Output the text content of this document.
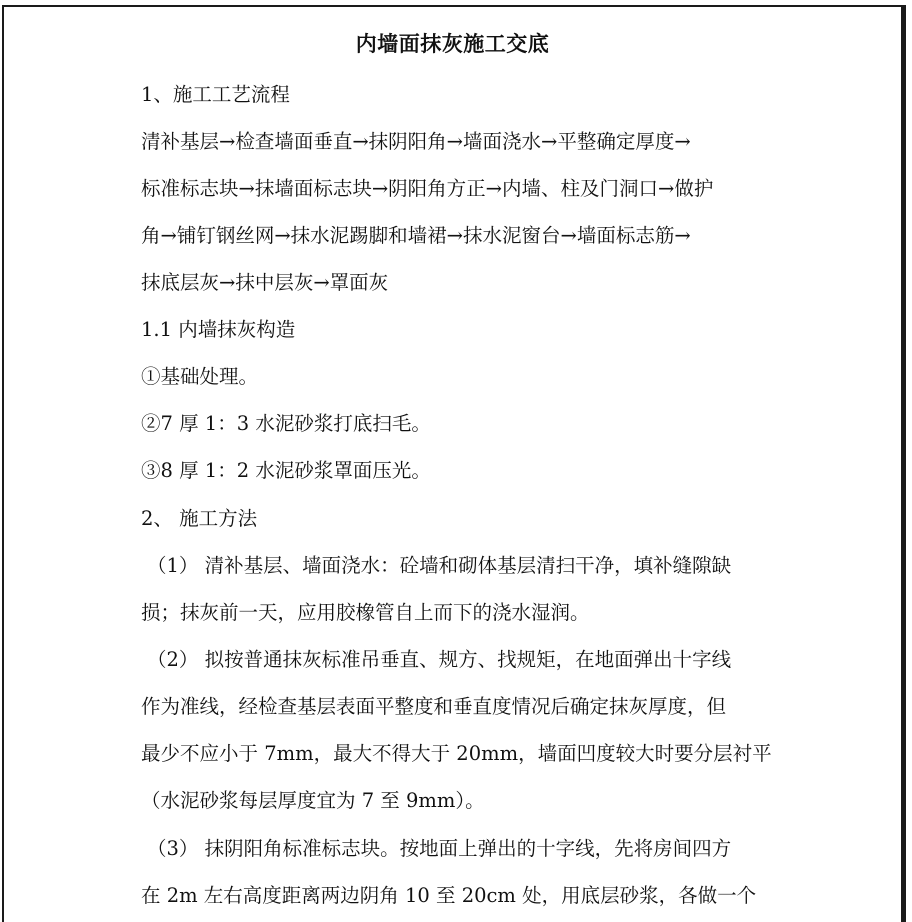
内墙面抹灰施工交底
1、施工工艺流程
清补基层→检查墙面垂直→抹阴阳角→墙面浇水→平整确定厚度→
标准标志块→抹墙面标志块→阴阳角方正→内墙、柱及门洞口→做护
角→铺钉钢丝网→抹水泥踢脚和墙裙→抹水泥窗台→墙面标志筋→
抹底层灰→抹中层灰→罩面灰
1.1 内墙抹灰构造
①基础处理。
②7 厚 1：3 水泥砂浆打底扫毛。
③8 厚 1：2 水泥砂浆罩面压光。
2、 施工方法
（1） 清补基层、墙面浇水：砼墙和砌体基层清扫干净，填补缝隙缺
损；抹灰前一天，应用胶橡管自上而下的浇水湿润。
（2） 拟按普通抹灰标准吊垂直、规方、找规矩，在地面弹出十字线
作为准线，经检查基层表面平整度和垂直度情况后确定抹灰厚度，但
最少不应小于 7mm，最大不得大于 20mm，墙面凹度较大时要分层衬平
（水泥砂浆每层厚度宜为 7 至 9mm）。
（3） 抹阴阳角标准标志块。按地面上弹出的十字线，先将房间四方
在 2m 左右高度距离两边阴角 10 至 20cm 处，用底层砂浆，各做一个
